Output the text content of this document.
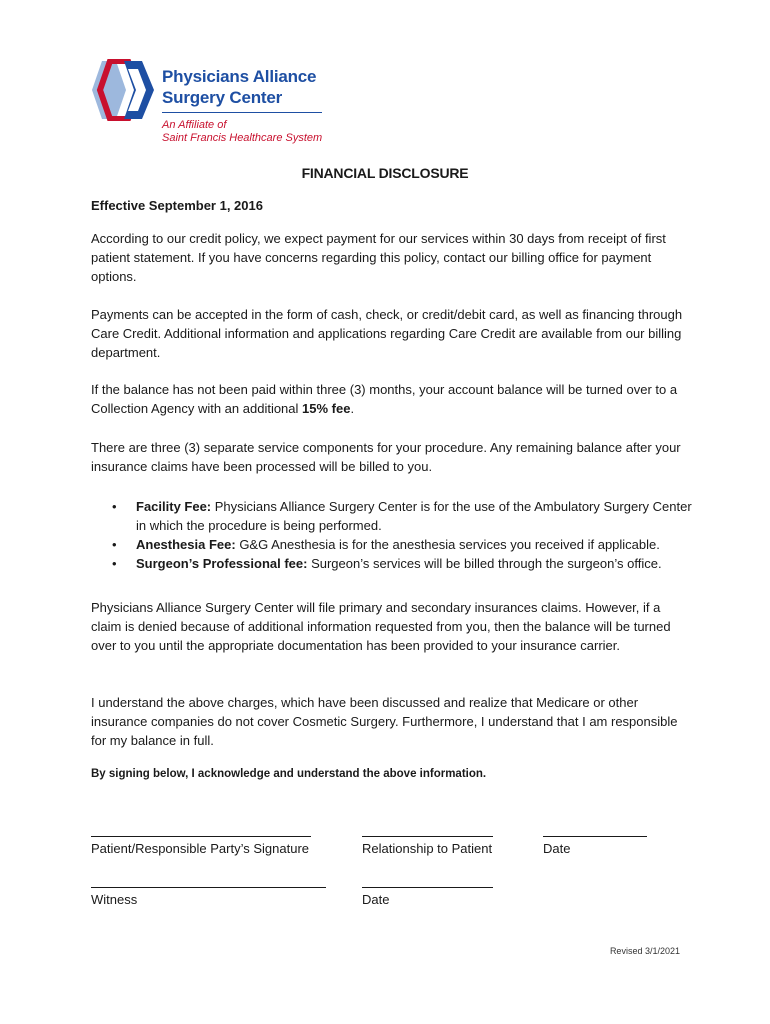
Physicians Alliance
Surgery Center
An Affiliate of
Saint Francis Healthcare System
FINANCIAL DISCLOSURE
Effective September 1, 2016

According to our credit policy, we expect payment for our services within 30 days from receipt of first patient statement. If you have concerns regarding this policy, contact our billing office for payment options.

Payments can be accepted in the form of cash, check, or credit/debit card, as well as financing through Care Credit. Additional information and applications regarding Care Credit are available from our billing department.

If the balance has not been paid within three (3) months, your account balance will be turned over to a Collection Agency with an additional 15% fee.

There are three (3) separate service components for your procedure. Any remaining balance after your insurance claims have been processed will be billed to you.

• Facility Fee: Physicians Alliance Surgery Center is for the use of the Ambulatory Surgery Center in which the procedure is being performed.
• Anesthesia Fee: G&G Anesthesia is for the anesthesia services you received if applicable.
• Surgeon’s Professional fee: Surgeon’s services will be billed through the surgeon’s office.

Physicians Alliance Surgery Center will file primary and secondary insurances claims. However, if a claim is denied because of additional information requested from you, then the balance will be turned over to you until the appropriate documentation has been provided to your insurance carrier.

I understand the above charges, which have been discussed and realize that Medicare or other insurance companies do not cover Cosmetic Surgery. Furthermore, I understand that I am responsible for my balance in full.

By signing below, I acknowledge and understand the above information.
Patient/Responsible Party’s Signature	Relationship to Patient	Date
Witness	Date
Revised 3/1/2021
